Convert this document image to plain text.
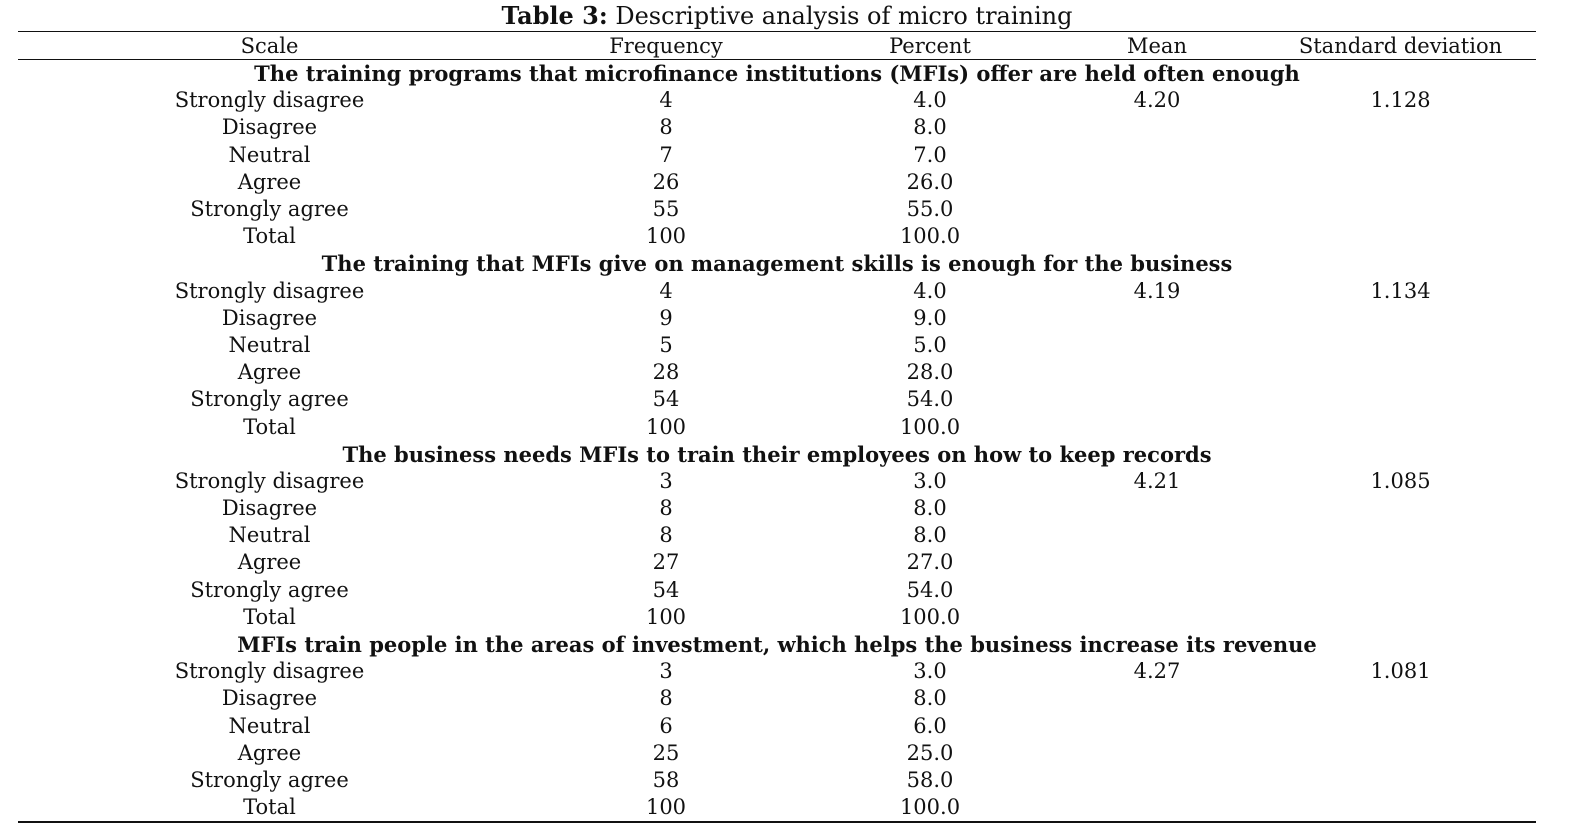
Table 3: Descriptive analysis of micro training
Scale	Frequency	Percent	Mean	Standard deviation
The training programs that microfinance institutions (MFIs) offer are held often enough				
Strongly disagree	4	4.0	4.20	1.128
Disagree	8	8.0		
Neutral	7	7.0		
Agree	26	26.0		
Strongly agree	55	55.0		
Total	100	100.0		
The training that MFIs give on management skills is enough for the business				
Strongly disagree	4	4.0	4.19	1.134
Disagree	9	9.0		
Neutral	5	5.0		
Agree	28	28.0		
Strongly agree	54	54.0		
Total	100	100.0		
The business needs MFIs to train their employees on how to keep records				
Strongly disagree	3	3.0	4.21	1.085
Disagree	8	8.0		
Neutral	8	8.0		
Agree	27	27.0		
Strongly agree	54	54.0		
Total	100	100.0		
MFIs train people in the areas of investment, which helps the business increase its revenue				
Strongly disagree	3	3.0	4.27	1.081
Disagree	8	8.0		
Neutral	6	6.0		
Agree	25	25.0		
Strongly agree	58	58.0		
Total	100	100.0		
